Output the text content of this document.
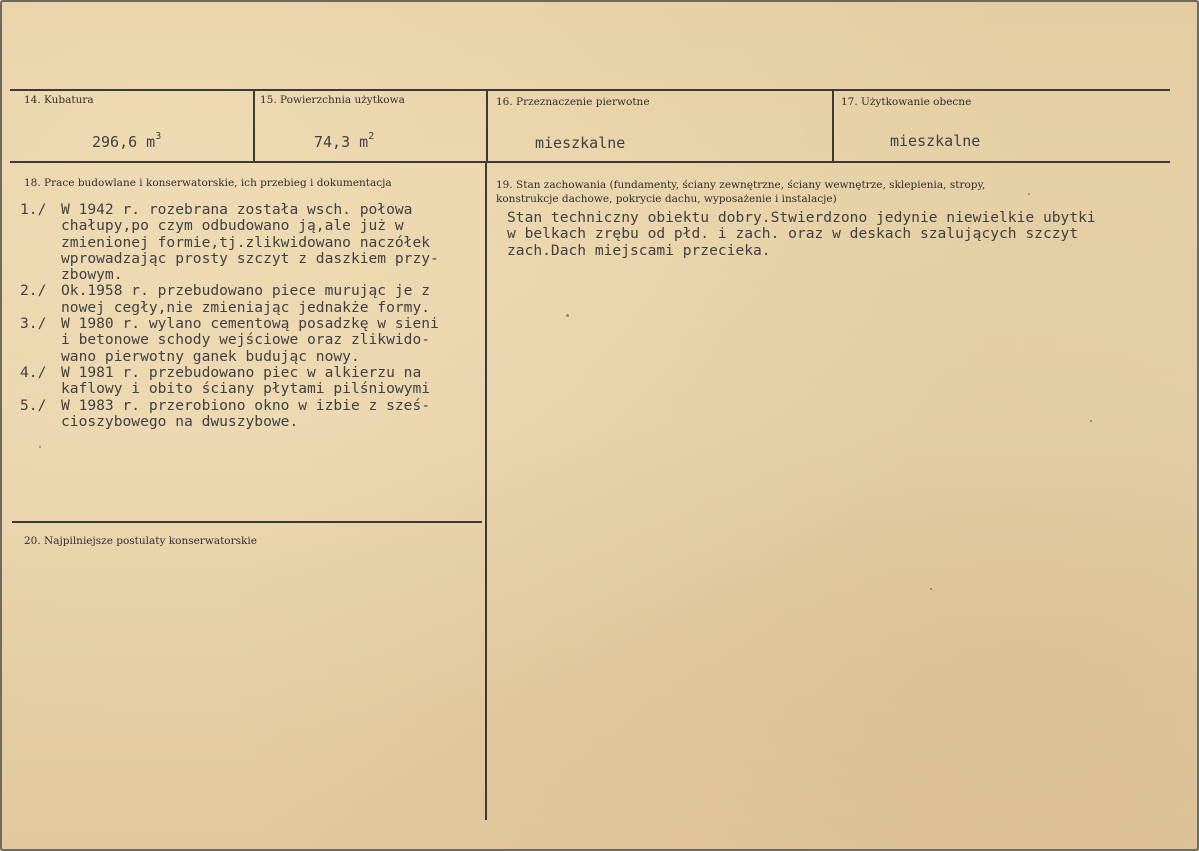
14. Kubatura
296,6 $m^3$
15. Powierzchnia użytkowa
74,3 $m^2$
16. Przeznaczenie pierwotne
mieszkalne
17. Użytkowanie obecne
mieszkalne
18. Prace budowlane i konserwatorskie, ich przebieg i dokumentacja
1./	W 1942 r. rozebrana została wsch. połowa
chałupy,po czym odbudowano ją,ale już w
zmienionej formie,tj.zlikwidowano naczółek
wprowadzając prosty szczyt z daszkiem przy-
zbowym.
2./	Ok.1958 r. przebudowano piece murując je z
nowej cegły,nie zmieniając jednakże formy.
3./	W 1980 r. wylano cementową posadzkę w sieni
i betonowe schody wejściowe oraz zlikwido-
wano pierwotny ganek budując nowy.
4./	W 1981 r. przebudowano piec w alkierzu na
kaflowy i obito ściany płytami pilśniowymi
5./	W 1983 r. przerobiono okno w izbie z sześ-
cioszybowego na dwuszybowe.
19. Stan zachowania (fundamenty, ściany zewnętrzne, ściany wewnętrze, sklepienia, stropy,
konstrukcje dachowe, pokrycie dachu, wyposażenie i instalacje)
Stan techniczny obiektu dobry.Stwierdzono jedynie niewielkie ubytki
w belkach zrębu od płd. i zach. oraz w deskach szalujących szczyt
zach.Dach miejscami przecieka.
20. Najpilniejsze postulaty konserwatorskie
